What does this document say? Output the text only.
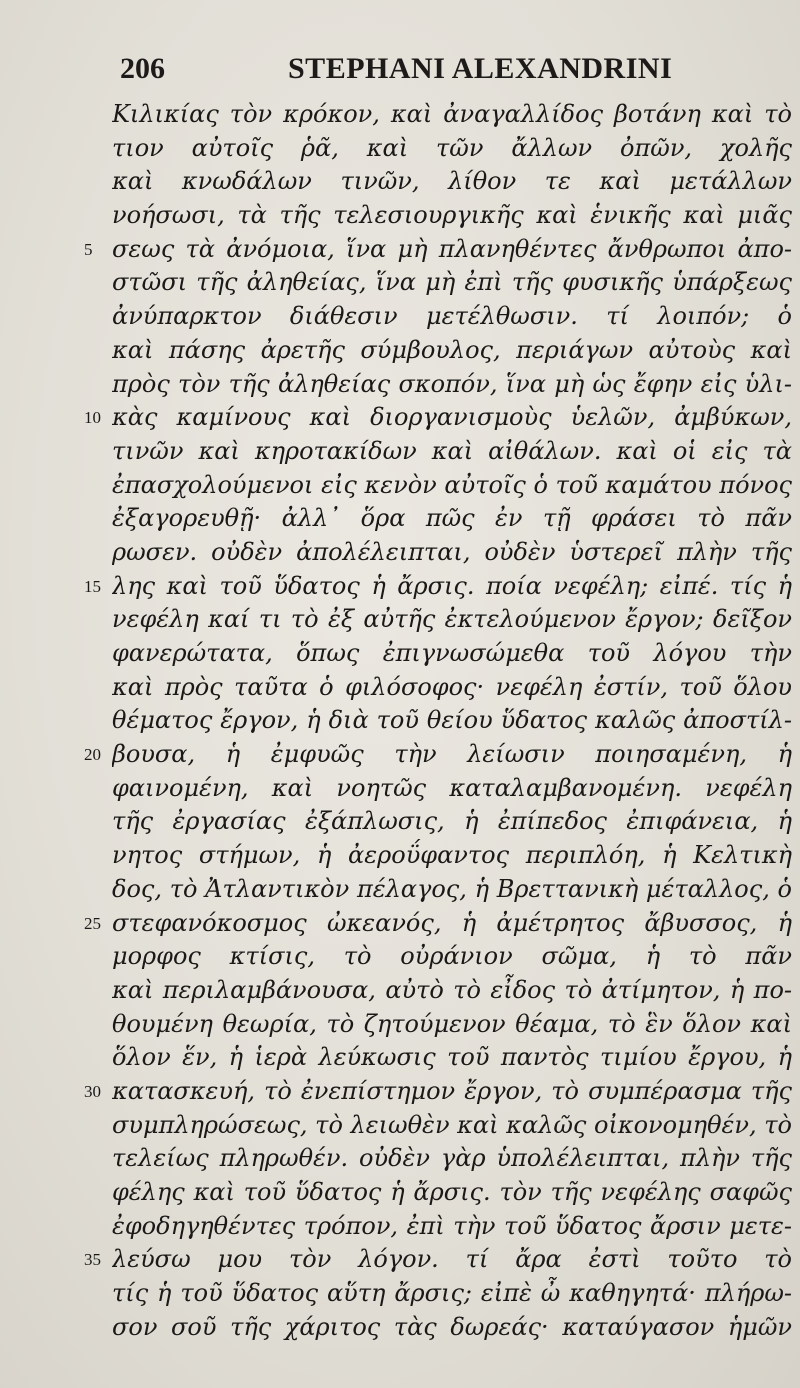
206	STEPHANI ALEXANDRINI
Κιλικίας τὸν κρόκον, καὶ ἀναγαλλίδος βοτάνη καὶ τὸ
τιον αὐτοῖς ῥᾶ, καὶ τῶν ἄλλων ὀπῶν, χολῆς
καὶ κνωδάλων τινῶν, λίθον τε καὶ μετάλλων
νοήσωσι, τὰ τῆς τελεσιουργικῆς καὶ ἑνικῆς καὶ μιᾶς
5 σεως τὰ ἀνόμοια, ἵνα μὴ πλανηθέντες ἄνθρωποι ἀπο-
στῶσι τῆς ἀληθείας, ἵνα μὴ ἐπὶ τῆς φυσικῆς ὑπάρξεως
ἀνύπαρκτον διάθεσιν μετέλθωσιν. τί λοιπόν; ὁ
καὶ πάσης ἀρετῆς σύμβουλος, περιάγων αὐτοὺς καὶ
πρὸς τὸν τῆς ἀληθείας σκοπόν, ἵνα μὴ ὡς ἔφην εἰς ὑλι-
10 κὰς καμίνους καὶ διοργανισμοὺς ὑελῶν, ἀμβύκων,
τινῶν καὶ κηροτακίδων καὶ αἰθάλων. καὶ οἱ εἰς τὰ
ἐπασχολούμενοι εἰς κενὸν αὐτοῖς ὁ τοῦ καμάτου πόνος
ἐξαγορευθῇ· ἀλλ᾽ ὅρα πῶς ἐν τῇ φράσει τὸ πᾶν
ρωσεν. οὐδὲν ἀπολέλειπται, οὐδὲν ὑστερεῖ πλὴν τῆς
15 λης καὶ τοῦ ὕδατος ἡ ἄρσις. ποία νεφέλη; εἰπέ. τίς ἡ
νεφέλη καί τι τὸ ἐξ αὐτῆς ἐκτελούμενον ἔργον; δεῖξον
φανερώτατα, ὅπως ἐπιγνωσώμεθα τοῦ λόγου τὴν
καὶ πρὸς ταῦτα ὁ φιλόσοφος· νεφέλη ἐστίν, τοῦ ὅλου
θέματος ἔργον, ἡ διὰ τοῦ θείου ὕδατος καλῶς ἀποστίλ-
20 βουσα, ἡ ἐμφυῶς τὴν λείωσιν ποιησαμένη, ἡ
φαινομένη, καὶ νοητῶς καταλαμβανομένη. νεφέλη
τῆς ἐργασίας ἐξάπλωσις, ἡ ἐπίπεδος ἐπιφάνεια, ἡ
νητος στήμων, ἡ ἀεροΰφαντος περιπλόη, ἡ Κελτικὴ
δος, τὸ Ἀτλαντικὸν πέλαγος, ἡ Βρεττανικὴ μέταλλος, ὁ
25 στεφανόκοσμος ὠκεανός, ἡ ἀμέτρητος ἄβυσσος, ἡ
μορφος κτίσις, τὸ οὐράνιον σῶμα, ἡ τὸ πᾶν
καὶ περιλαμβάνουσα, αὐτὸ τὸ εἶδος τὸ ἀτίμητον, ἡ πο-
θουμένη θεωρία, τὸ ζητούμενον θέαμα, τὸ ἓν ὅλον καὶ
ὅλον ἕν, ἡ ἱερὰ λεύκωσις τοῦ παντὸς τιμίου ἔργου, ἡ
30 κατασκευή, τὸ ἐνεπίστημον ἔργον, τὸ συμπέρασμα τῆς
συμπληρώσεως, τὸ λειωθὲν καὶ καλῶς οἰκονομηθέν, τὸ
τελείως πληρωθέν. οὐδὲν γὰρ ὑπολέλειπται, πλὴν τῆς
φέλης καὶ τοῦ ὕδατος ἡ ἄρσις. τὸν τῆς νεφέλης σαφῶς
ἐφοδηγηθέντες τρόπον, ἐπὶ τὴν τοῦ ὕδατος ἄρσιν μετε-
35 λεύσω μου τὸν λόγον. τί ἄρα ἐστὶ τοῦτο τὸ
τίς ἡ τοῦ ὕδατος αὕτη ἄρσις; εἰπὲ ὦ καθηγητά· πλήρω-
σον σοῦ τῆς χάριτος τὰς δωρεάς· καταύγασον ἡμῶν
